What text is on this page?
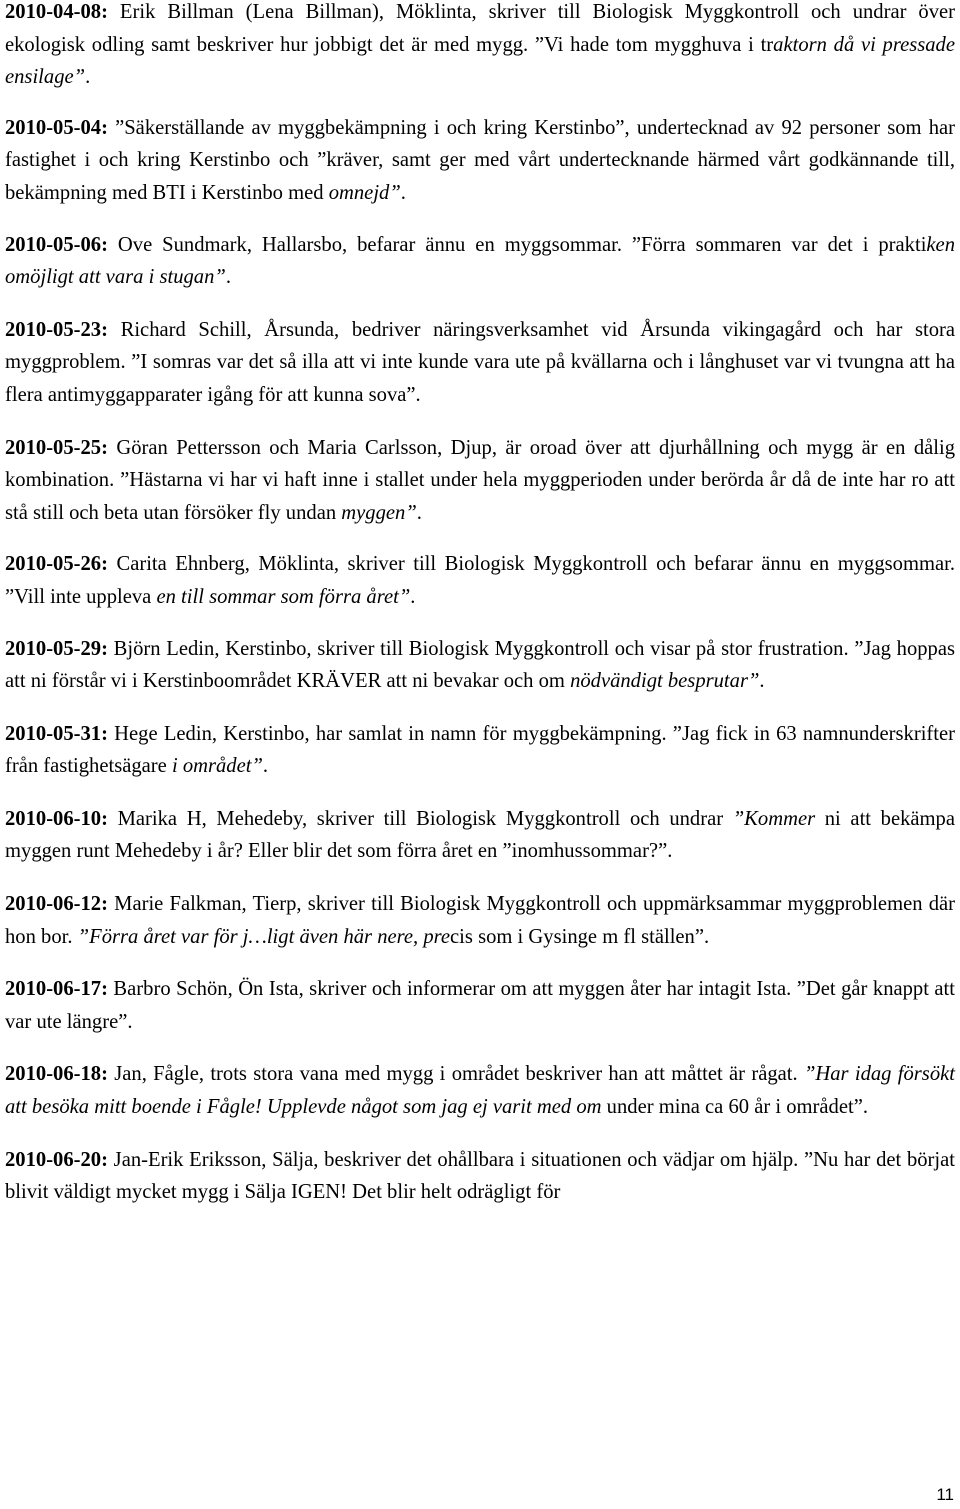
2010-04-08: Erik Billman (Lena Billman), Möklinta, skriver till Biologisk Myggkontroll och undrar över ekologisk odling samt beskriver hur jobbigt det är med mygg. ”Vi hade tom mygghuva i traktorn då vi pressade ensilage”.

2010-05-04: ”Säkerställande av myggbekämpning i och kring Kerstinbo”, undertecknad av 92 personer som har fastighet i och kring Kerstinbo och ”kräver, samt ger med vårt undertecknande härmed vårt godkännande till, bekämpning med BTI i Kerstinbo med omnejd”.

2010-05-06: Ove Sundmark, Hallarsbo, befarar ännu en myggsommar. ”Förra sommaren var det i praktiken omöjligt att vara i stugan”.

2010-05-23: Richard Schill, Årsunda, bedriver näringsverksamhet vid Årsunda vikingagård och har stora myggproblem. ”I somras var det så illa att vi inte kunde vara ute på kvällarna och i långhuset var vi tvungna att ha flera antimyggapparater igång för att kunna sova”.

2010-05-25: Göran Pettersson och Maria Carlsson, Djup, är oroad över att djurhållning och mygg är en dålig kombination. ”Hästarna vi har vi haft inne i stallet under hela myggperioden under berörda år då de inte har ro att stå still och beta utan försöker fly undan myggen”.

2010-05-26: Carita Ehnberg, Möklinta, skriver till Biologisk Myggkontroll och befarar ännu en myggsommar. ”Vill inte uppleva en till sommar som förra året”.

2010-05-29: Björn Ledin, Kerstinbo, skriver till Biologisk Myggkontroll och visar på stor frustration. ”Jag hoppas att ni förstår vi i Kerstinboområdet KRÄVER att ni bevakar och om nödvändigt besprutar”.

2010-05-31: Hege Ledin, Kerstinbo, har samlat in namn för myggbekämpning. ”Jag fick in 63 namnunderskrifter från fastighetsägare i området”.

2010-06-10: Marika H, Mehedeby, skriver till Biologisk Myggkontroll och undrar ”Kommer ni att bekämpa myggen runt Mehedeby i år? Eller blir det som förra året en ”inomhussommar?”.

2010-06-12: Marie Falkman, Tierp, skriver till Biologisk Myggkontroll och uppmärksammar myggproblemen där hon bor. ”Förra året var för j…ligt även här nere, precis som i Gysinge m fl ställen”.

2010-06-17: Barbro Schön, Ön Ista, skriver och informerar om att myggen åter har intagit Ista. ”Det går knappt att var ute längre”.

2010-06-18: Jan, Fågle, trots stora vana med mygg i området beskriver han att måttet är rågat. ”Har idag försökt att besöka mitt boende i Fågle! Upplevde något som jag ej varit med om under mina ca 60 år i området”.

2010-06-20: Jan-Erik Eriksson, Sälja, beskriver det ohållbara i situationen och vädjar om hjälp. ”Nu har det börjat blivit väldigt mycket mygg i Sälja IGEN! Det blir helt odrägligt för

11
